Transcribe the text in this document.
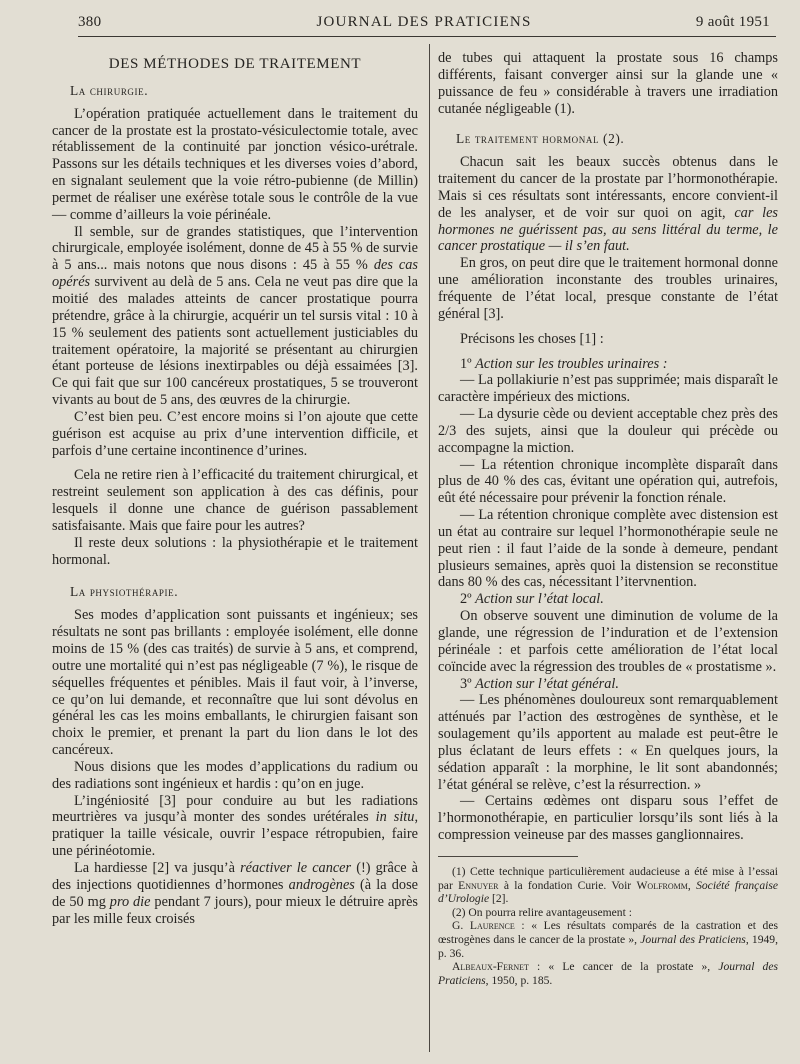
380	JOURNAL DES PRATICIENS	9 août 1951
DES MÉTHODES DE TRAITEMENT
La chirurgie.

L’opération pratiquée actuellement dans le traitement du cancer de la prostate est la prostato-vésiculectomie totale, avec rétablissement de la continuité par jonction vésico-urétrale. Passons sur les détails techniques et les diverses voies d’abord, en signalant seulement que la voie rétro-pubienne (de Millin) permet de réaliser une exérèse totale sous le contrôle de la vue — comme d’ailleurs la voie périnéale.

Il semble, sur de grandes statistiques, que l’intervention chirurgicale, employée isolément, donne de 45 à 55 % de survie à 5 ans... mais notons que nous disons : 45 à 55 % des cas opérés survivent au delà de 5 ans. Cela ne veut pas dire que la moitié des malades atteints de cancer prostatique pourra prétendre, grâce à la chirurgie, acquérir un tel sursis vital : 10 à 15 % seulement des patients sont actuellement justiciables du traitement opératoire, la majorité se présentant au chirurgien étant porteuse de lésions inextirpables ou déjà essaimées [3]. Ce qui fait que sur 100 cancéreux prostatiques, 5 se trouveront vivants au bout de 5 ans, des œuvres de la chirurgie.

C’est bien peu. C’est encore moins si l’on ajoute que cette guérison est acquise au prix d’une intervention difficile, et parfois d’une certaine incontinence d’urines.

Cela ne retire rien à l’efficacité du traitement chirurgical, et restreint seulement son application à des cas définis, pour lesquels il donne une chance de guérison passablement satisfaisante. Mais que faire pour les autres?

Il reste deux solutions : la physiothérapie et le traitement hormonal.

La physiothérapie.

Ses modes d’application sont puissants et ingénieux; ses résultats ne sont pas brillants : employée isolément, elle donne moins de 15 % (des cas traités) de survie à 5 ans, et comprend, outre une mortalité qui n’est pas négligeable (7 %), le risque de séquelles fréquentes et pénibles. Mais il faut voir, à l’inverse, ce qu’on lui demande, et reconnaître que lui sont dévolus en général les cas les moins emballants, le chirurgien faisant son choix le premier, et prenant la part du lion dans le lot des cancéreux.

Nous disions que les modes d’applications du radium ou des radiations sont ingénieux et hardis : qu’on en juge.

L’ingéniosité [3] pour conduire au but les radiations meurtrières va jusqu’à monter des sondes urétérales in situ, pratiquer la taille vésicale, ouvrir l’espace rétropubien, faire une périnéotomie.

La hardiesse [2] va jusqu’à réactiver le cancer (!) grâce à des injections quotidiennes d’hormones androgènes (à la dose de 50 mg pro die pendant 7 jours), pour mieux le détruire après par les mille feux croisés

de tubes qui attaquent la prostate sous 16 champs différents, faisant converger ainsi sur la glande une « puissance de feu » considérable à travers une irradiation cutanée négligeable (1).

Le traitement hormonal (2).

Chacun sait les beaux succès obtenus dans le traitement du cancer de la prostate par l’hormonothérapie. Mais si ces résultats sont intéressants, encore convient-il de les analyser, et de voir sur quoi on agit, car les hormones ne guérissent pas, au sens littéral du terme, le cancer prostatique — il s’en faut.

En gros, on peut dire que le traitement hormonal donne une amélioration inconstante des troubles urinaires, fréquente de l’état local, presque constante de l’état général [3].

Précisons les choses [1] :

1º Action sur les troubles urinaires :

— La pollakiurie n’est pas supprimée; mais disparaît le caractère impérieux des mictions.

— La dysurie cède ou devient acceptable chez près des 2/3 des sujets, ainsi que la douleur qui précède ou accompagne la miction.

— La rétention chronique incomplète disparaît dans plus de 40 % des cas, évitant une opération qui, autrefois, eût été nécessaire pour prévenir la fonction rénale.

— La rétention chronique complète avec distension est un état au contraire sur lequel l’hormonothérapie seule ne peut rien : il faut l’aide de la sonde à demeure, pendant plusieurs semaines, après quoi la distension se reconstitue dans 80 % des cas, nécessitant l’itervnention.

2º Action sur l’état local.

On observe souvent une diminution de volume de la glande, une régression de l’induration et de l’extension périnéale : et parfois cette amélioration de l’état local coïncide avec la régression des troubles de « prostatisme ».

3º Action sur l’état général.

— Les phénomènes douloureux sont remarquablement atténués par l’action des œstrogènes de synthèse, et le soulagement qu’ils apportent au malade est peut-être le plus éclatant de leurs effets : « En quelques jours, la sédation apparaît : la morphine, le lit sont abandonnés; l’état général se relève, c’est la résurrection. »

— Certains œdèmes ont disparu sous l’effet de l’hormonothérapie, en particulier lorsqu’ils sont liés à la compression veineuse par des masses ganglionnaires.

(1) Cette technique particulièrement audacieuse a été mise à l’essai par Ennuyer à la fondation Curie. Voir Wolfromm, Société française d’Urologie [2].

(2) On pourra relire avantageusement :

G. Laurence : « Les résultats comparés de la castration et des œstrogènes dans le cancer de la prostate », Journal des Praticiens, 1949, p. 36.

Albeaux-Fernet : « Le cancer de la prostate », Journal des Praticiens, 1950, p. 185.
